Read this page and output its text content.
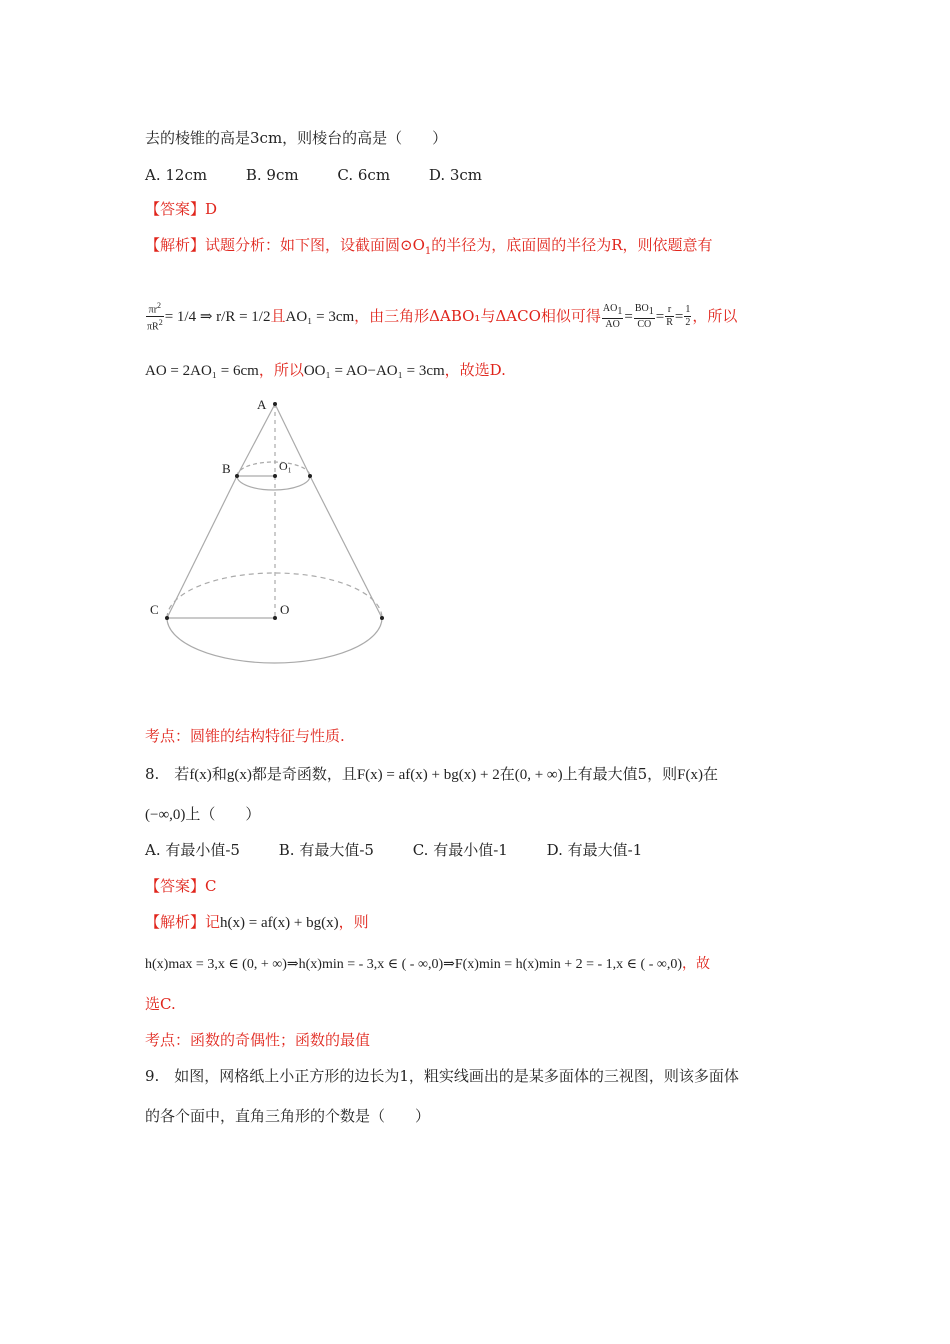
去的棱锥的高是3cm，则棱台的高是（　　）
A. 12cm	B. 9cm	C. 6cm	D. 3cm
【答案】D
【解析】试题分析：如下图，设截面圆$⊙O_1$的半径为，底面圆的半径为R，则依题意有
$\frac{\pi r^2}{\pi R^2} = 1/4$ ⇒ r/R = 1/2且AO₁ = 3cm，由三角形ΔABO₁与ΔACO相似可得 $\frac{AO_1}{AO} = \frac{BO_1}{CO} = \frac{r}{R} = \frac{1}{2}$ ，所以
AO = 2AO₁ = 6cm，所以OO₁ = AO−AO₁ = 3cm，故选D.
A
B	O₁
C	O
考点：圆锥的结构特征与性质.
8.　若f(x)和g(x)都是奇函数，且F(x) = af(x) + bg(x) + 2在(0, + ∞)上有最大值5，则F(x)在
(−∞,0)上（　　）
A. 有最小值-5	B. 有最大值-5	C. 有最小值-1	D. 有最大值-1
【答案】C
【解析】记h(x) = af(x) + bg(x)，则
h(x)max = 3,x ∈ (0, + ∞)⇒h(x)min = - 3,x ∈ ( - ∞,0)⇒F(x)min = h(x)min + 2 = - 1,x ∈ ( - ∞,0)，故
选C.
考点：函数的奇偶性；函数的最值
9.　如图，网格纸上小正方形的边长为1，粗实线画出的是某多面体的三视图，则该多面体
的各个面中，直角三角形的个数是（　　）
